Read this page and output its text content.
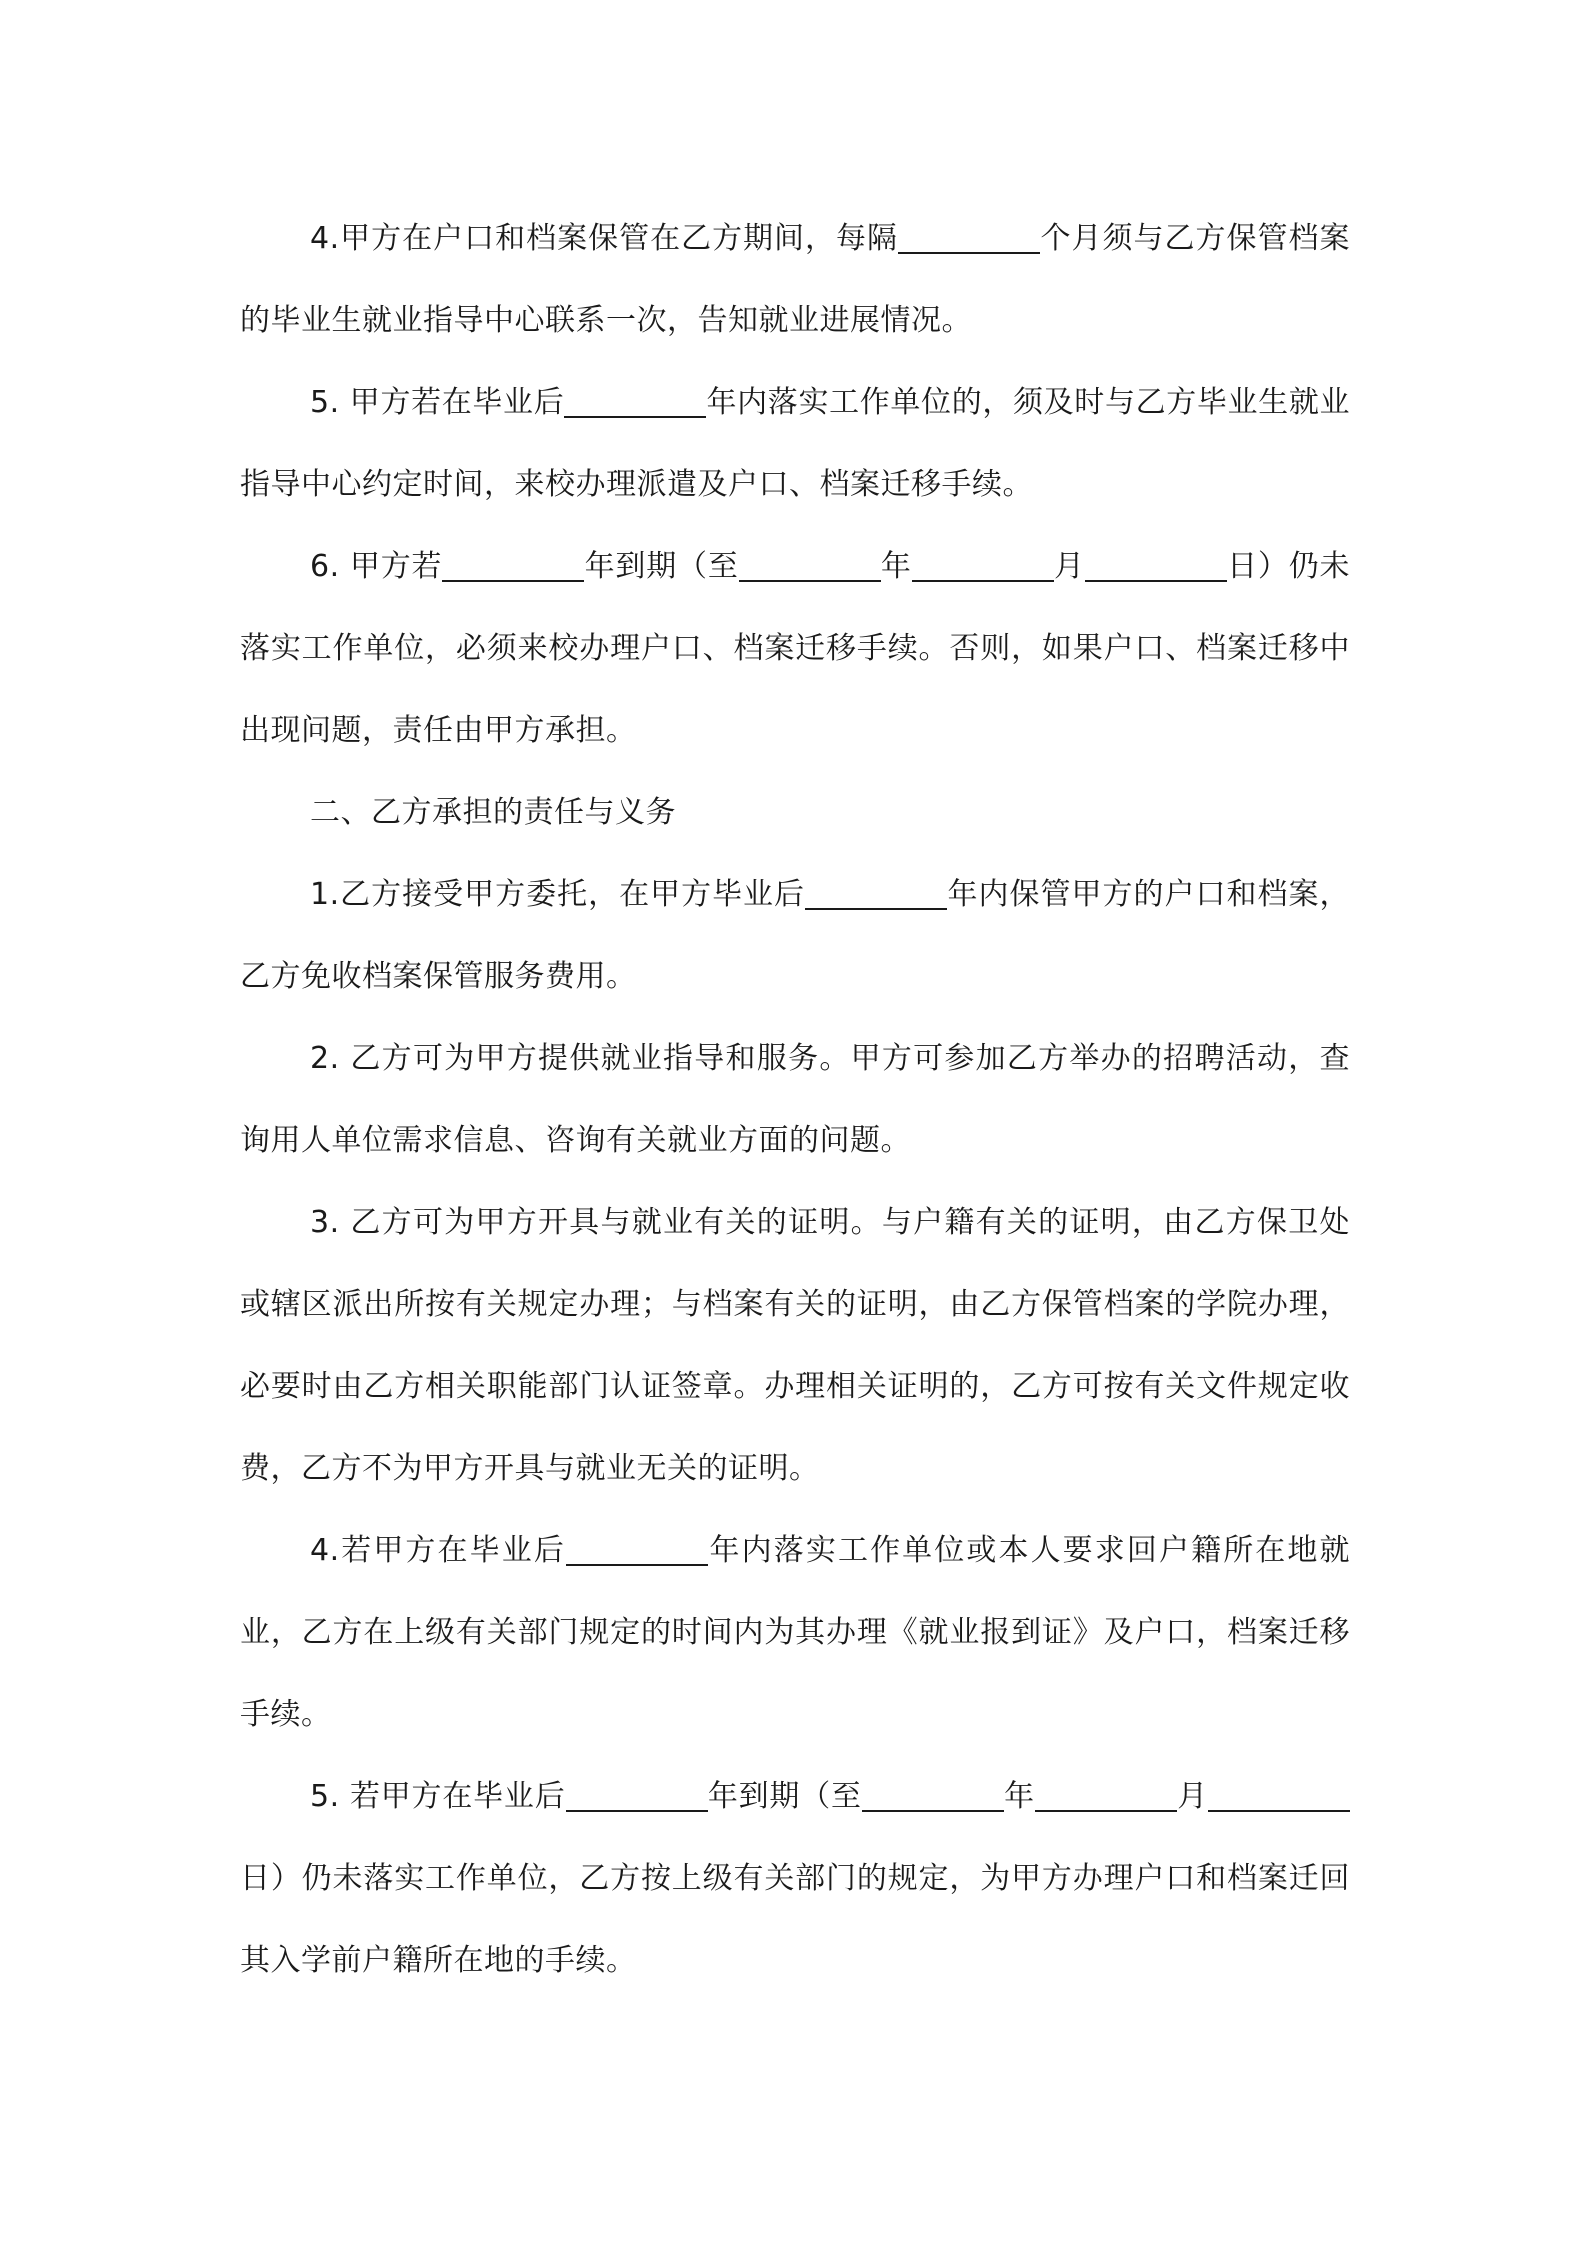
4.甲方在户口和档案保管在乙方期间，每隔	个月须与乙方保管档案的毕业生就业指导中心联系一次，告知就业进展情况。

5. 甲方若在毕业后	年内落实工作单位的，须及时与乙方毕业生就业指导中心约定时间，来校办理派遣及户口、档案迁移手续。

6. 甲方若	年到期（至	年	月	日）仍未落实工作单位，必须来校办理户口、档案迁移手续。否则，如果户口、档案迁移中出现问题，责任由甲方承担。

二、乙方承担的责任与义务

1.乙方接受甲方委托，在甲方毕业后	年内保管甲方的户口和档案，乙方免收档案保管服务费用。

2. 乙方可为甲方提供就业指导和服务。甲方可参加乙方举办的招聘活动，查询用人单位需求信息、咨询有关就业方面的问题。

3. 乙方可为甲方开具与就业有关的证明。与户籍有关的证明，由乙方保卫处或辖区派出所按有关规定办理；与档案有关的证明，由乙方保管档案的学院办理，必要时由乙方相关职能部门认证签章。办理相关证明的，乙方可按有关文件规定收费，乙方不为甲方开具与就业无关的证明。

4.若甲方在毕业后	年内落实工作单位或本人要求回户籍所在地就业，乙方在上级有关部门规定的时间内为其办理《就业报到证》及户口，档案迁移手续。

5. 若甲方在毕业后	年到期（至	年	月日）仍未落实工作单位，乙方按上级有关部门的规定，为甲方办理户口和档案迁回其入学前户籍所在地的手续。
